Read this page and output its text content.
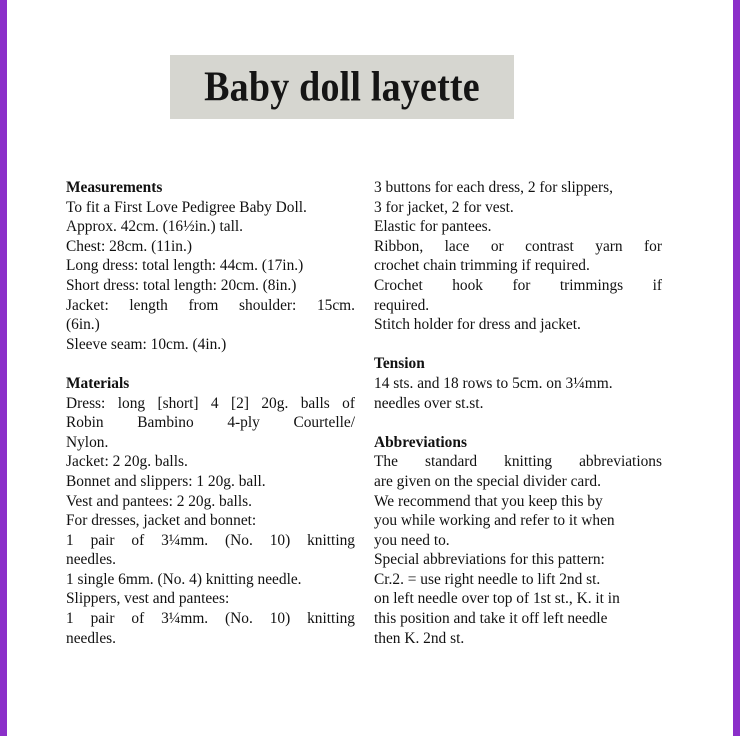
Baby doll layette

Measurements

To fit a First Love Pedigree Baby Doll.

Approx. 42cm. (16½in.) tall.

Chest: 28cm. (11in.)

Long dress: total length: 44cm. (17in.)

Short dress: total length: 20cm. (8in.)

Jacket: length from shoulder: 15cm.

(6in.)

Sleeve seam: 10cm. (4in.)

Materials

Dress: long [short] 4 [2] 20g. balls of

Robin Bambino 4-ply Courtelle/

Nylon.

Jacket: 2 20g. balls.

Bonnet and slippers: 1 20g. ball.

Vest and pantees: 2 20g. balls.

For dresses, jacket and bonnet:

1 pair of 3¼mm. (No. 10) knitting

needles.

1 single 6mm. (No. 4) knitting needle.

Slippers, vest and pantees:

1 pair of 3¼mm. (No. 10) knitting

needles.

3 buttons for each dress, 2 for slippers,

3 for jacket, 2 for vest.

Elastic for pantees.

Ribbon, lace or contrast yarn for

crochet chain trimming if required.

Crochet hook for trimmings if

required.

Stitch holder for dress and jacket.

Tension

14 sts. and 18 rows to 5cm. on 3¼mm.

needles over st.st.

Abbreviations

The standard knitting abbreviations

are given on the special divider card.

We recommend that you keep this by

you while working and refer to it when

you need to.

Special abbreviations for this pattern:

Cr.2. = use right needle to lift 2nd st.

on left needle over top of 1st st., K. it in

this position and take it off left needle

then K. 2nd st.
